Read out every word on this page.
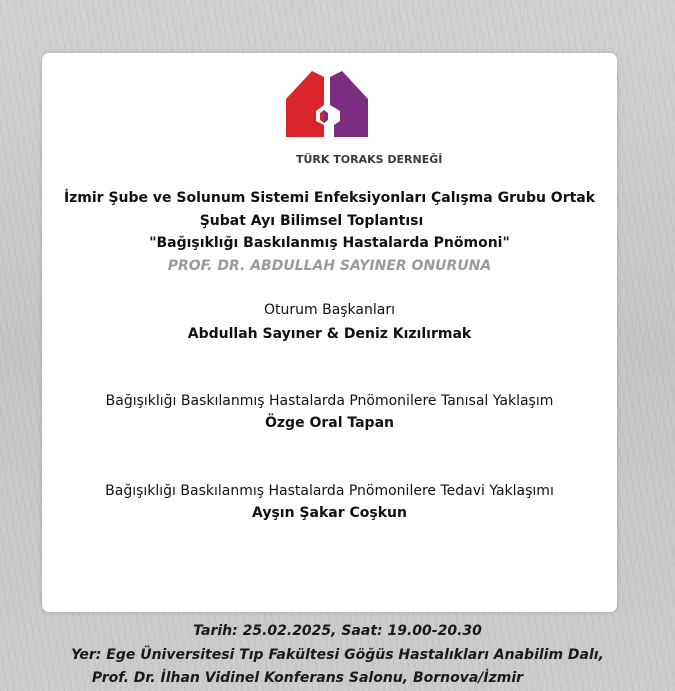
TÜRK TORAKS DERNEĞİ
İzmir Şube ve Solunum Sistemi Enfeksiyonları Çalışma Grubu Ortak
Şubat Ayı Bilimsel Toplantısı
"Bağışıklığı Baskılanmış Hastalarda Pnömoni"
PROF. DR. ABDULLAH SAYINER ONURUNA
Oturum Başkanları
Abdullah Sayıner & Deniz Kızılırmak
Bağışıklığı Baskılanmış Hastalarda Pnömonilere Tanısal Yaklaşım
Özge Oral Tapan
Bağışıklığı Baskılanmış Hastalarda Pnömonilere Tedavi Yaklaşımı
Ayşın Şakar Coşkun
Tarih: 25.02.2025, Saat: 19.00-20.30
Yer: Ege Üniversitesi Tıp Fakültesi Göğüs Hastalıkları Anabilim Dalı,
Prof. Dr. İlhan Vidinel Konferans Salonu, Bornova/İzmir
